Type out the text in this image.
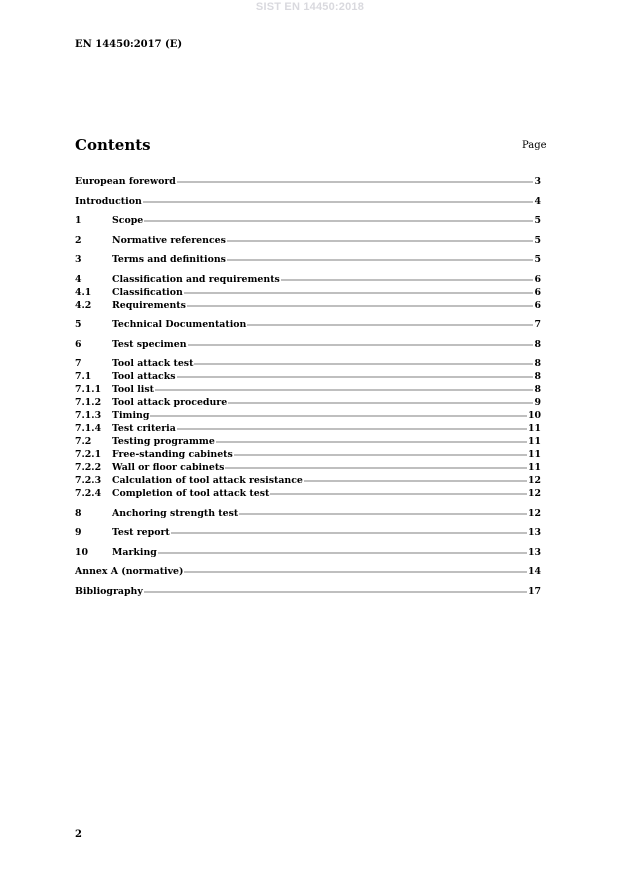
SIST EN 14450:2018
EN 14450:2017 (E)
Contents	Page
European foreword	3
Introduction	4
1	Scope	5
2	Normative references	5
3	Terms and definitions	5
4	Classification and requirements	6
4.1	Classification	6
4.2	Requirements	6
5	Technical Documentation	7
6	Test specimen	8
7	Tool attack test	8
7.1	Tool attacks	8
7.1.1	Tool list	8
7.1.2	Tool attack procedure	9
7.1.3	Timing	10
7.1.4	Test criteria	11
7.2	Testing programme	11
7.2.1	Free-standing cabinets	11
7.2.2	Wall or floor cabinets	11
7.2.3	Calculation of tool attack resistance	12
7.2.4	Completion of tool attack test	12
8	Anchoring strength test	12
9	Test report	13
10	Marking	13
Annex A (normative)	14
Bibliography	17
2
